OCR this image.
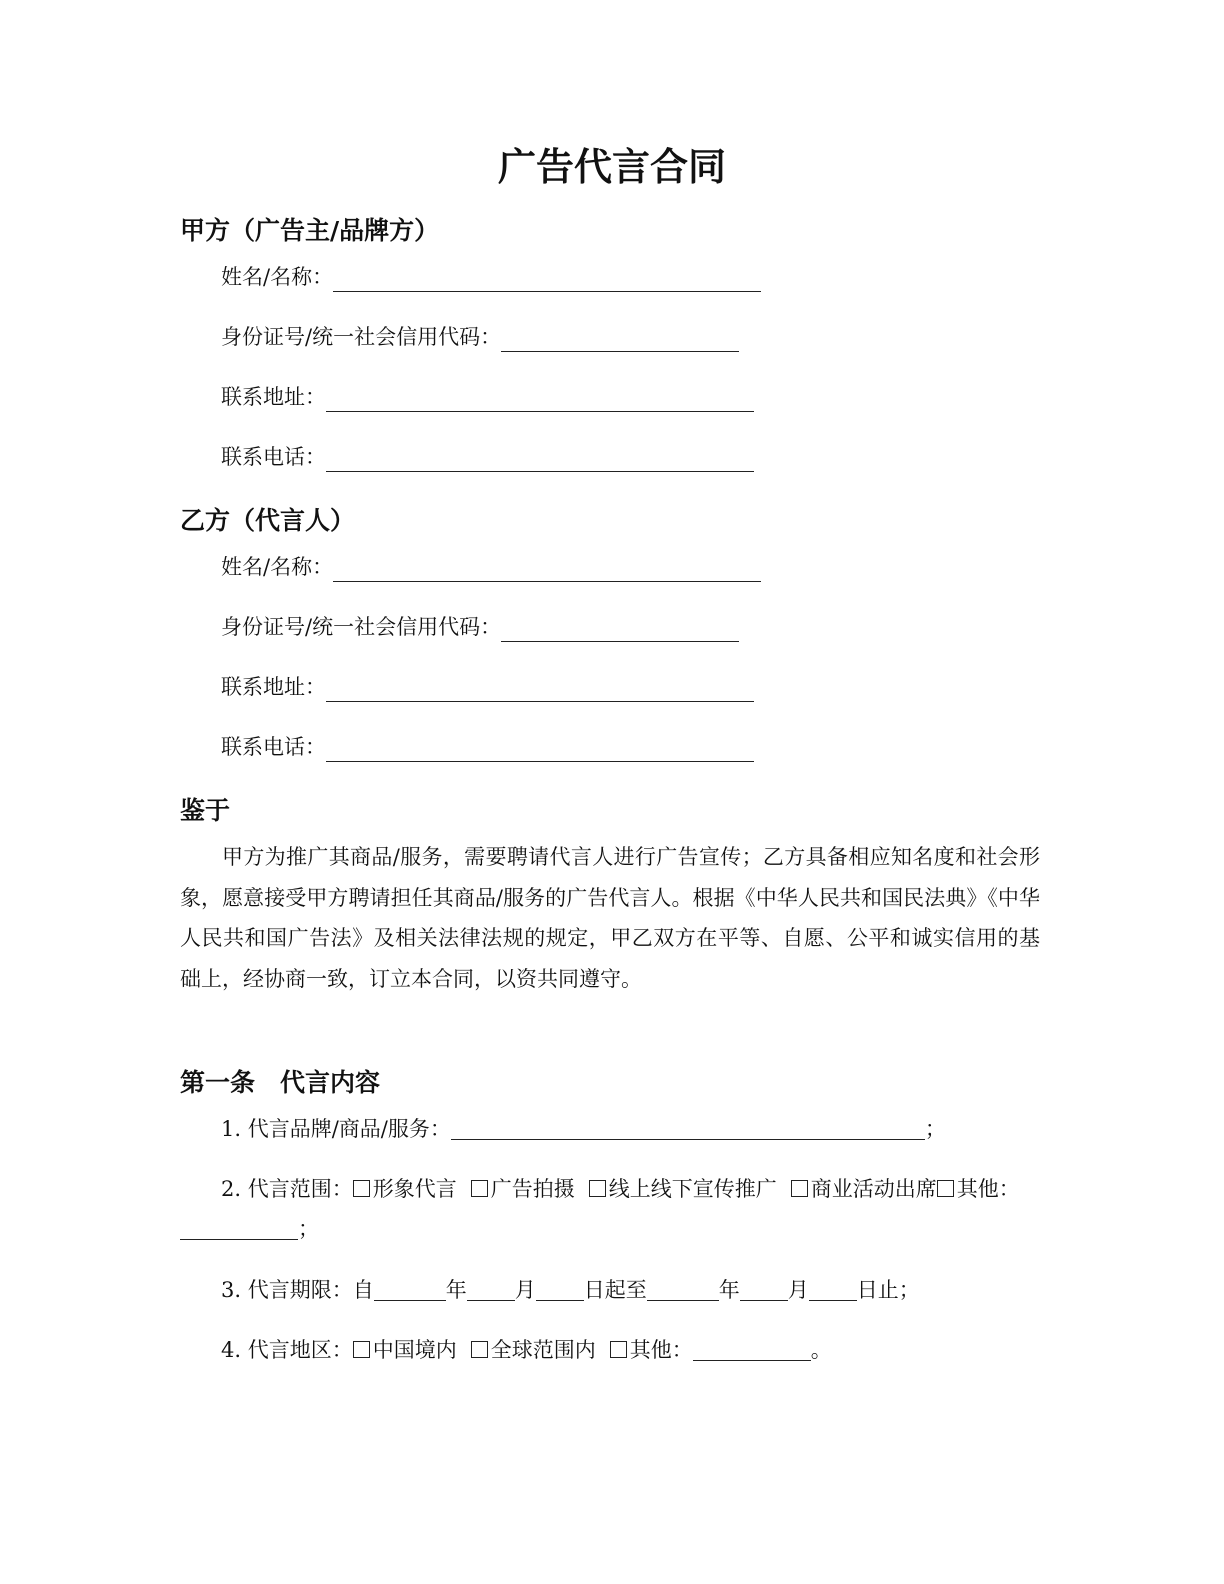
广告代言合同
甲方（广告主/品牌方）
姓名/名称：
身份证号/统一社会信用代码：
联系地址：
联系电话：
乙方（代言人）
姓名/名称：
身份证号/统一社会信用代码：
联系地址：
联系电话：
鉴于

甲方为推广其商品/服务，需要聘请代言人进行广告宣传；乙方具备相应知名度和社会形象，愿意接受甲方聘请担任其商品/服务的广告代言人。根据《中华人民共和国民法典》《中华人民共和国广告法》及相关法律法规的规定，甲乙双方在平等、自愿、公平和诚实信用的基础上，经协商一致，订立本合同，以资共同遵守。

第一条　代言内容

1. 代言品牌/商品/服务：	；

2. 代言范围： 形象代言 广告拍摄 线上线下宣传推广 商业活动出席 其他：；

3. 代言期限：自	年 月 日起至	年 月 日止；

4. 代言地区： 中国境内 全球范围内 其他：	。
